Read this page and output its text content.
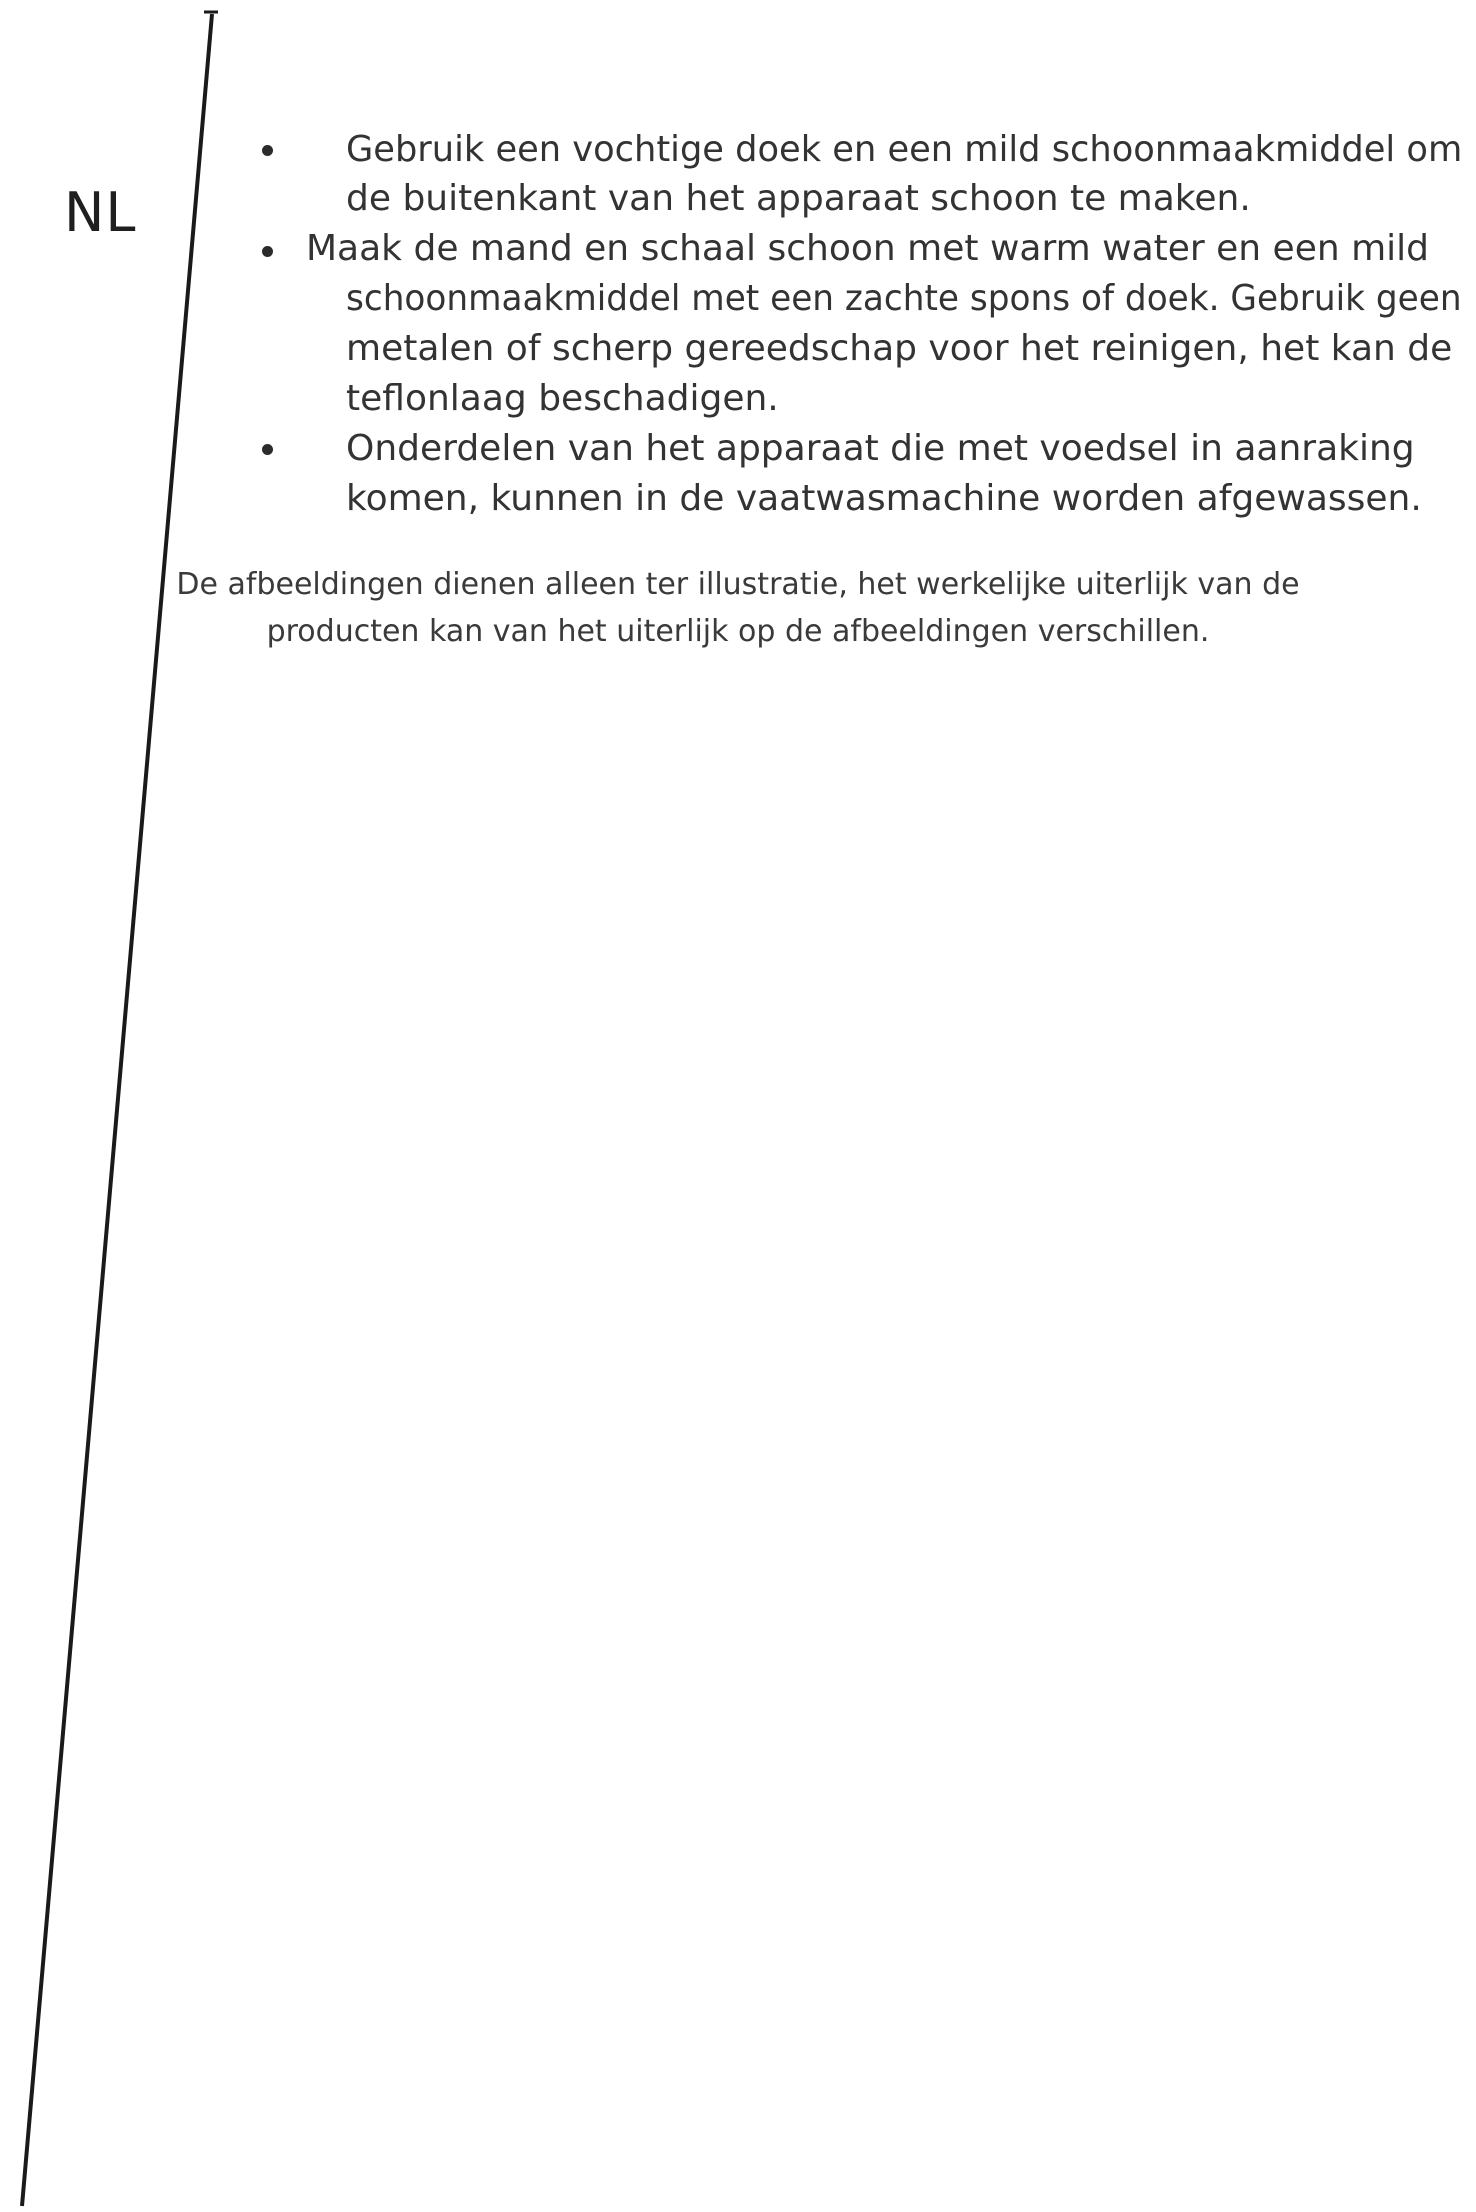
NL
Gebruik een vochtige doek en een mild schoonmaakmiddel om
de buitenkant van het apparaat schoon te maken.
Maak de mand en schaal schoon met warm water en een mild
schoonmaakmiddel met een zachte spons of doek. Gebruik geen
metalen of scherp gereedschap voor het reinigen, het kan de
teflonlaag beschadigen.
Onderdelen van het apparaat die met voedsel in aanraking
komen, kunnen in de vaatwasmachine worden afgewassen.
De afbeeldingen dienen alleen ter illustratie, het werkelijke uiterlijk van de
producten kan van het uiterlijk op de afbeeldingen verschillen.
